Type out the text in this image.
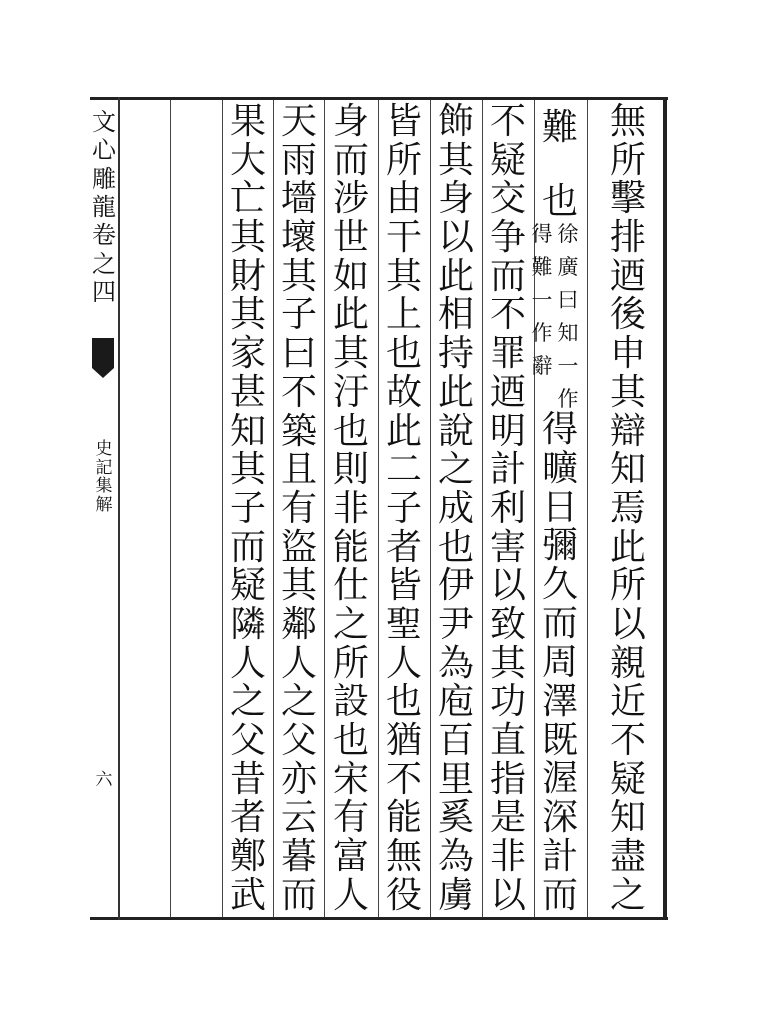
文
心
雕
龍
卷
之
四
史
記
集
解
六
無
所
擊
排
迺
後
申
其
辯
知
焉
此
所
以
親
近
不
疑
知
盡
之
難
也
徐
廣
曰
知
一
作
得
難
一
作
辭
得
曠
日
彌
久
而
周
澤
既
渥
深
計
而
不
疑
交
争
而
不
罪
迺
明
計
利
害
以
致
其
功
直
指
是
非
以
飾
其
身
以
此
相
持
此
說
之
成
也
伊
尹
為
庖
百
里
奚
為
虜
皆
所
由
干
其
上
也
故
此
二
子
者
皆
聖
人
也
猶
不
能
無
役
身
而
涉
世
如
此
其
汙
也
則
非
能
仕
之
所
設
也
宋
有
富
人
天
雨
墻
壞
其
子
曰
不
築
且
有
盜
其
鄰
人
之
父
亦
云
暮
而
果
大
亡
其
財
其
家
甚
知
其
子
而
疑
隣
人
之
父
昔
者
鄭
武
